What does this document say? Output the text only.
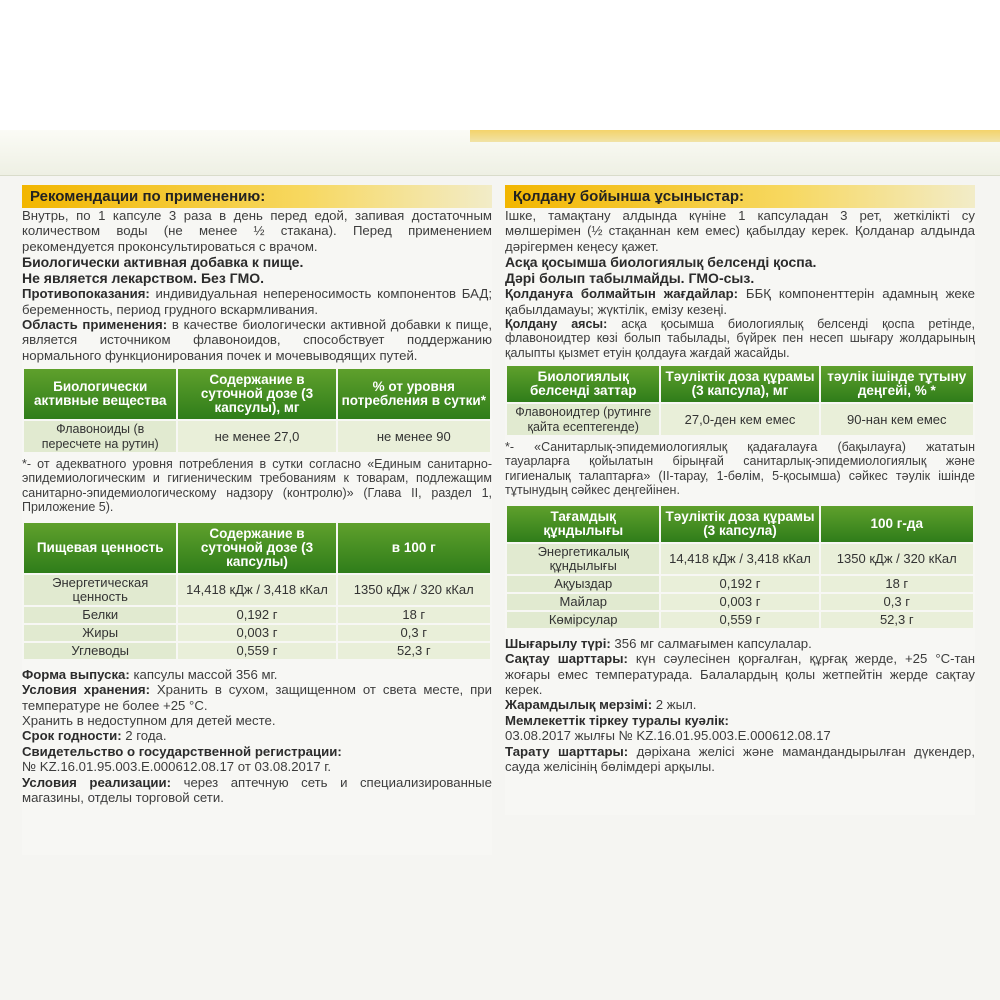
Рекомендации по применению:

Внутрь, по 1 капсуле 3 раза в день перед едой, запивая достаточным количеством воды (не менее ½ стакана). Перед применением рекомендуется проконсультироваться с врачом.

Биологически активная добавка к пище.
Не является лекарством. Без ГМО.

Противопоказания: индивидуальная непереносимость компонентов БАД; беременность, период грудного вскармливания.

Область применения: в качестве биологически активной добавки к пище, является источником флавоноидов, способствует поддержанию нормального функционирования почек и мочевыводящих путей.

Биологически активные вещества	Содержание в суточной дозе (3 капсулы), мг	% от уровня потребления в сутки*
Флавоноиды (в пересчете на рутин)	не менее 27,0	не менее 90

*- от адекватного уровня потребления в сутки согласно «Единым санитарно-эпидемиологическим и гигиеническим требованиям к товарам, подлежащим санитарно-эпидемиологическому надзору (контролю)» (Глава II, раздел 1, Приложение 5).

Пищевая ценность	Содержание в суточной дозе (3 капсулы)	в 100 г
Энергетическая ценность	14,418 кДж / 3,418 кКал	1350 кДж / 320 кКал
Белки	0,192 г	18 г
Жиры	0,003 г	0,3 г
Углеводы	0,559 г	52,3 г

Форма выпуска: капсулы массой 356 мг.

Условия хранения: Хранить в сухом, защищенном от света месте, при температуре не более +25 °С.

Хранить в недоступном для детей месте.

Срок годности: 2 года.

Свидетельство о государственной регистрации:

№ KZ.16.01.95.003.Е.000612.08.17 от 03.08.2017 г.

Условия реализации: через аптечную сеть и специализированные магазины, отделы торговой сети.

Қолдану бойынша ұсыныстар:

Ішке, тамақтану алдында күніне 1 капсуладан 3 рет, жеткілікті су мөлшерімен (½ стақаннан кем емес) қабылдау керек. Қолданар алдында дәрігермен кеңесу қажет.

Асқа қосымша биологиялық белсенді қоспа.
Дәрі болып табылмайды. ГМО-сыз.

Қолдануға болмайтын жағдайлар: ББҚ компоненттерін адамның жеке қабылдамауы; жүктілік, емізу кезеңі.

Қолдану аясы: асқа қосымша биологиялық белсенді қоспа ретінде, флавоноидтер көзі болып табылады, бүйрек пен несеп шығару жолдарының қалыпты қызмет етуін қолдауға жағдай жасайды.

Биологиялық белсенді заттар	Тәуліктік доза құрамы (3 капсула), мг	тәулік ішінде тұтыну деңгейі, % *
Флавоноидтер (рутинге қайта есептегенде)	27,0-ден кем емес	90-нан кем емес

*- «Санитарлық-эпидемиологиялық қадағалауға (бақылауға) жататын тауарларға қойылатын бірыңғай санитарлық-эпидемиологиялық және гигиеналық талаптарға» (II-тарау, 1-бөлім, 5-қосымша) сәйкес тәулік ішінде тұтынудың сәйкес деңгейінен.

Тағамдық құндылығы	Тәуліктік доза құрамы (3 капсула)	100 г-да
Энергетикалық құндылығы	14,418 кДж / 3,418 кКал	1350 кДж / 320 кКал
Ақуыздар	0,192 г	18 г
Майлар	0,003 г	0,3 г
Көмірсулар	0,559 г	52,3 г

Шығарылу түрі: 356 мг салмағымен капсулалар.

Сақтау шарттары: күн сәулесінен қорғалған, құрғақ жерде, +25 °С-тан жоғары емес температурада. Балалардың қолы жетпейтін жерде сақтау керек.

Жарамдылық мерзімі: 2 жыл.

Мемлекеттік тіркеу туралы куәлік:

03.08.2017 жылғы № KZ.16.01.95.003.Е.000612.08.17

Тарату шарттары: дәрiхана желiсi және мамандандырылған дүкендер, сауда желiсiнiң бөлiмдерi арқылы.
